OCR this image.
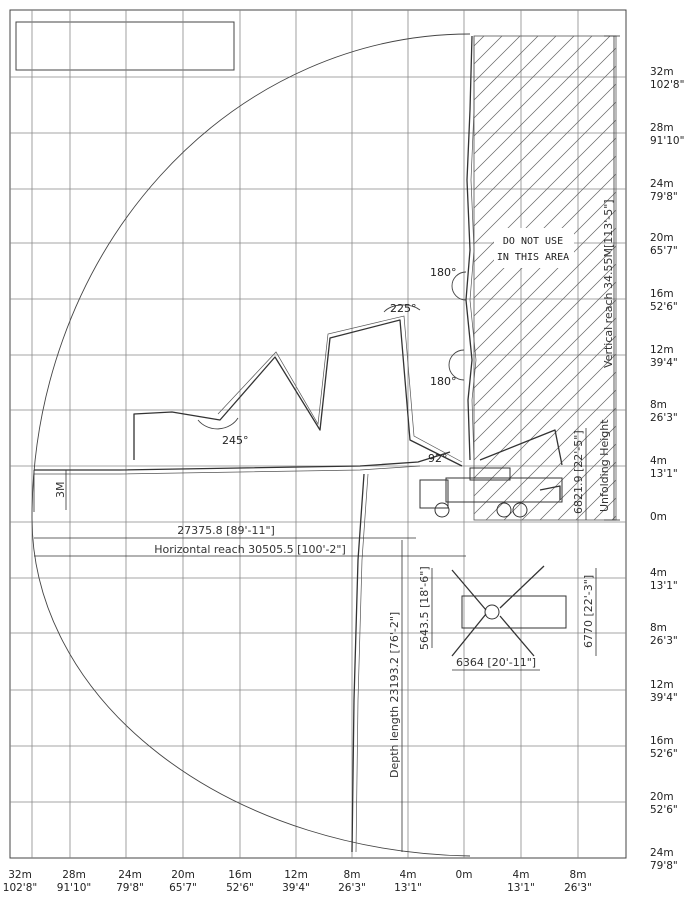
DO NOT USE
IN THIS AREA	Vertical reach 34.55M[113'-5"]
Unfolding Height
6821.9 [22'-5"]
180°
180°
225°
245°
3M
92°
27375.8 [89'-11"]
Horizontal reach 30505.5 [100'-2"]
Depth length 23193.2 [76'-2"]
5643.5 [18'-6"]
6364 [20'-11"]
6770 [22'-3"]
32m
102'8"
28m
91'10"
24m
79'8"
20m
65'7"
16m
52'6"
12m
39'4"
8m
26'3"
4m
13'1"
0m
4m
13'1"
8m
26'3"
12m
39'4"
16m
52'6"
20m
52'6"
24m
79'8"
32m
102'8"
28m
91'10"
24m
79'8"
20m
65'7"
16m
52'6"
12m
39'4"
8m
26'3"
4m
13'1"
0m	4m
13'1"
8m
26'3"
